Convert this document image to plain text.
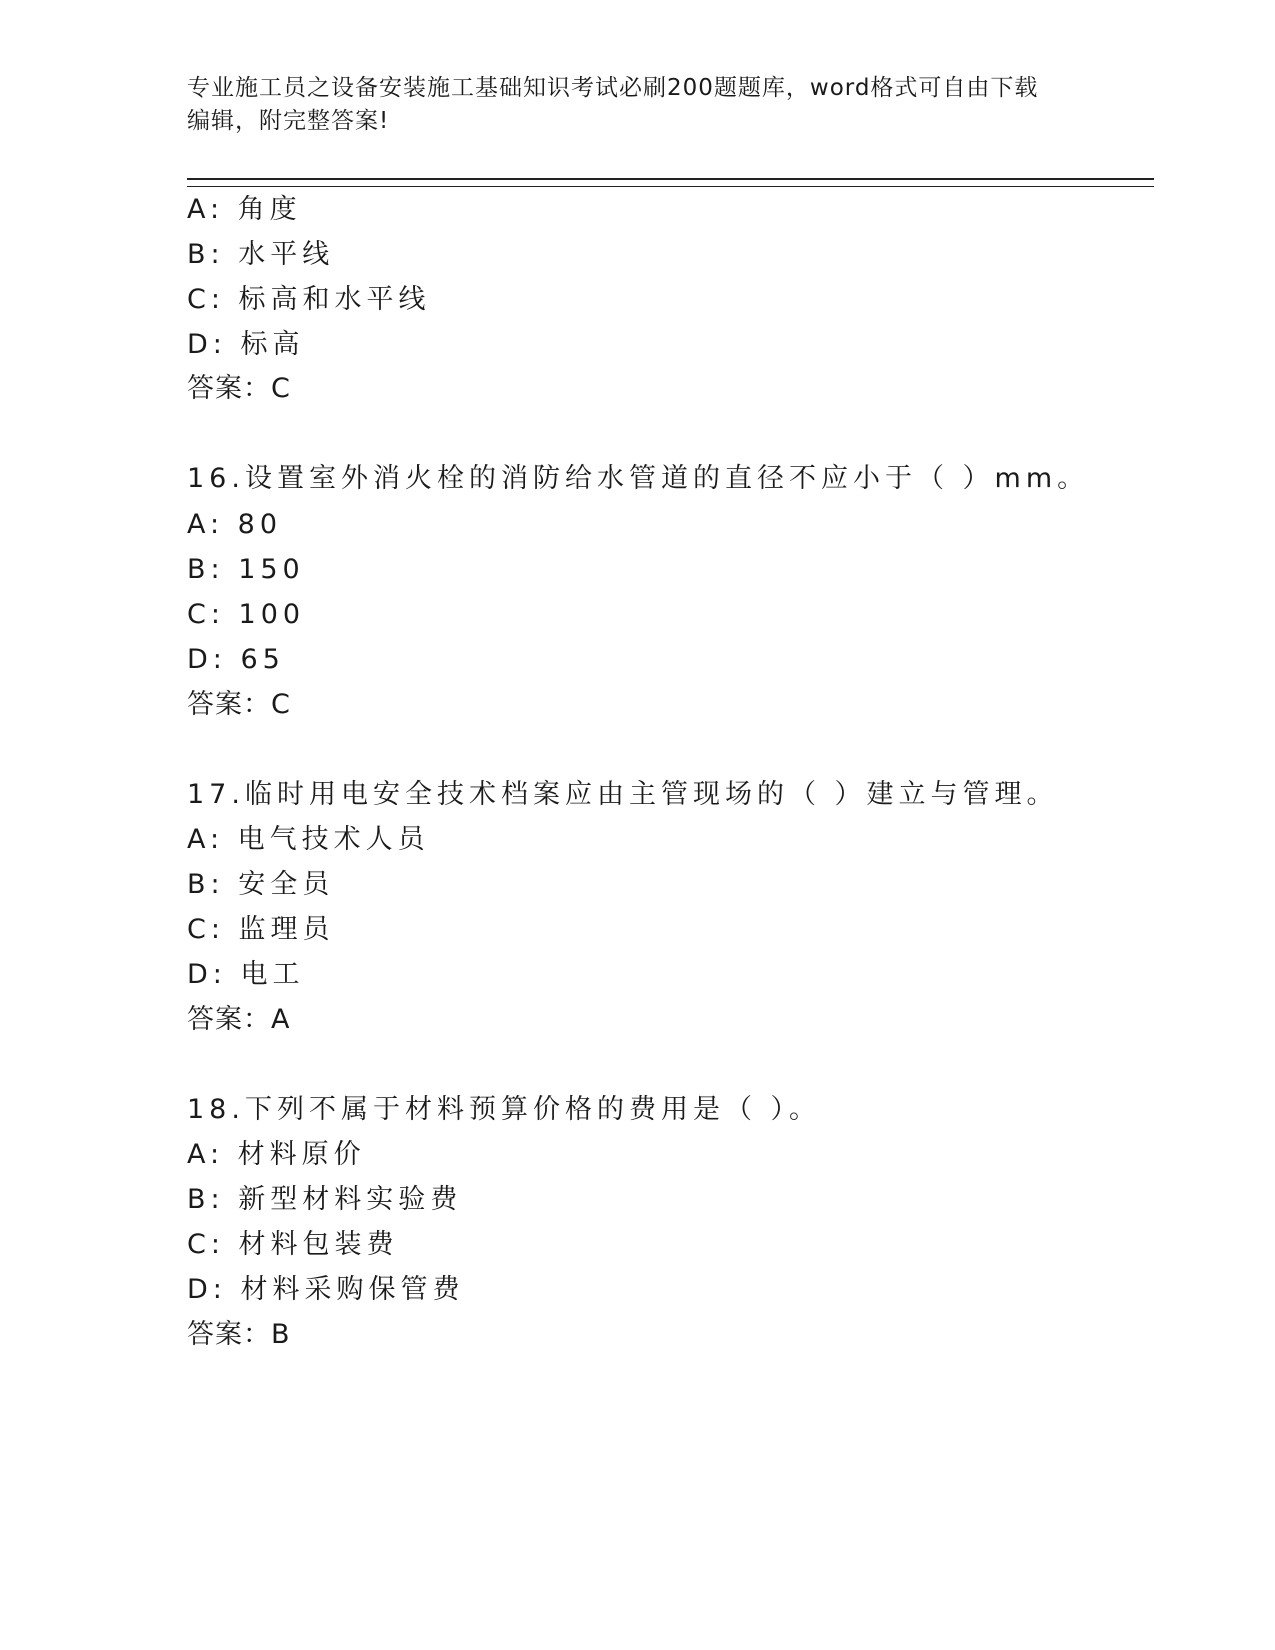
专业施工员之设备安装施工基础知识考试必刷200题题库，word格式可自由下载
编辑，附完整答案!
A: 角度
B: 水平线
C: 标高和水平线
D: 标高
答案：C
16.设置室外消火栓的消防给水管道的直径不应小于（ ）mm。
A: 80
B: 150
C: 100
D: 65
答案：C
17.临时用电安全技术档案应由主管现场的（ ）建立与管理。
A: 电气技术人员
B: 安全员
C: 监理员
D: 电工
答案：A
18.下列不属于材料预算价格的费用是（ ）。
A: 材料原价
B: 新型材料实验费
C: 材料包装费
D: 材料采购保管费
答案：B
